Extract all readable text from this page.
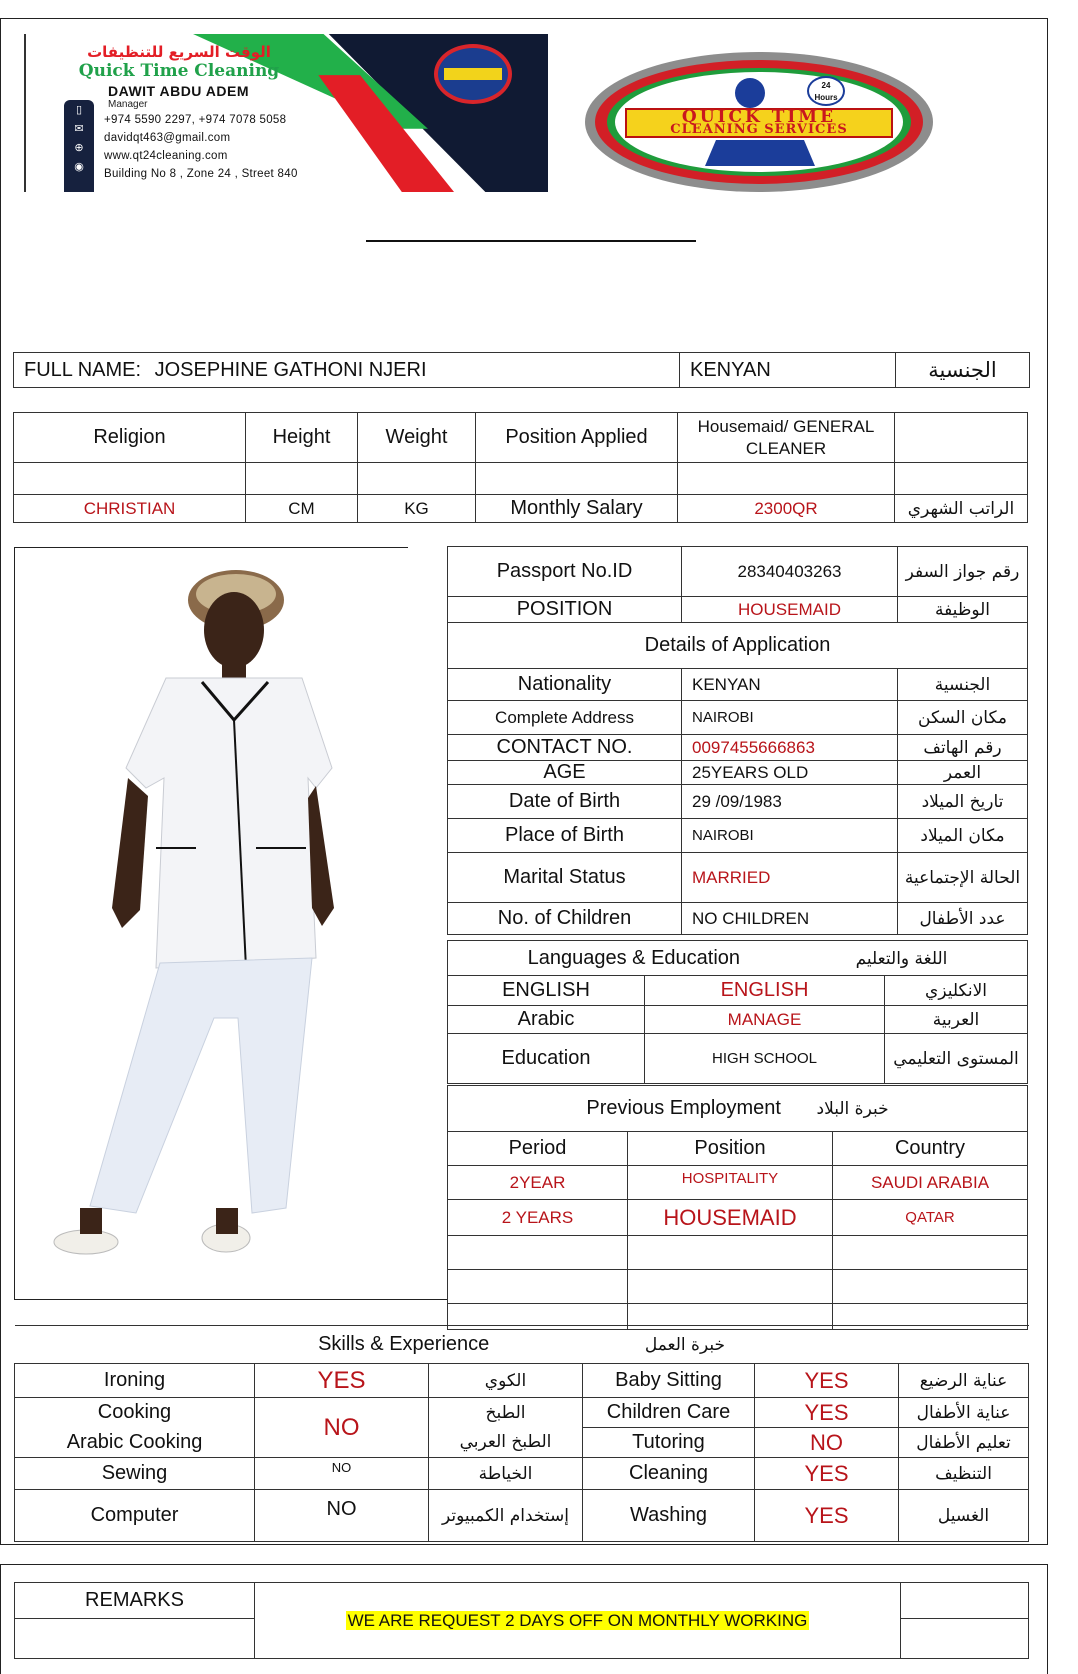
الوقت السريع للتنظيفات
Quick Time Cleaning
DAWIT ABDU ADEM
Manager
▯
✉
⊕
◉
+974 5590 2297, +974 7078 5058
davidqt463@gmail.com
www.qt24cleaning.com
Building No 8 , Zone 24 , Street 840
24 Hours
QUICK TIME
CLEANING SERVICES
FULL NAME: JOSEPHINE GATHONI NJERI	KENYAN	الجنسية
Religion	Height	Weight	Position Applied	Housemaid/ GENERAL CLEANER	

CHRISTIAN	CM	KG	Monthly Salary	2300QR	الراتب الشهري
Passport No.ID	28340403263	رقم جواز السفر
POSITION	HOUSEMAID	الوظيفة
Details of Application		
Nationality	KENYAN	الجنسية
Complete Address	NAIROBI	مكان السكن
CONTACT NO.	0097455666863	رقم الهاتف
AGE	25YEARS OLD	العمر
Date of Birth	29 /09/1983	تاريخ الميلاد
Place of Birth	NAIROBI	مكان الميلاد
Marital Status	MARRIED	الحالة الإجتماعية
No. of Children	NO CHILDREN	عدد الأطفال
Languages & Education اللغة والتعليم		
ENGLISH	ENGLISH	الانكليزي
Arabic	MANAGE	العربية
Education	HIGH SCHOOL	المستوى التعليمي
Previous Employment خبرة البلاد		
Period	Position	Country
2YEAR	HOSPITALITY	SAUDI ARABIA
2 YEARS	HOUSEMAID	QATAR

Skills & Experience خبرة العمل					
Ironing	YES	الكوي	Baby Sitting	YES	عناية الرضيع
Cooking	NO	الطبخ	Children Care	YES	عناية الأطفال
Arabic Cooking		الطبخ العربي	Tutoring	NO	تعليم الأطفال
Sewing	NO	الخياطة	Cleaning	YES	التنظيف
Computer	NO	إستخدام الكمبيوتر	Washing	YES	الغسيل
REMARKS	WE ARE REQUEST 2 DAYS OFF ON MONTHLY WORKING	
